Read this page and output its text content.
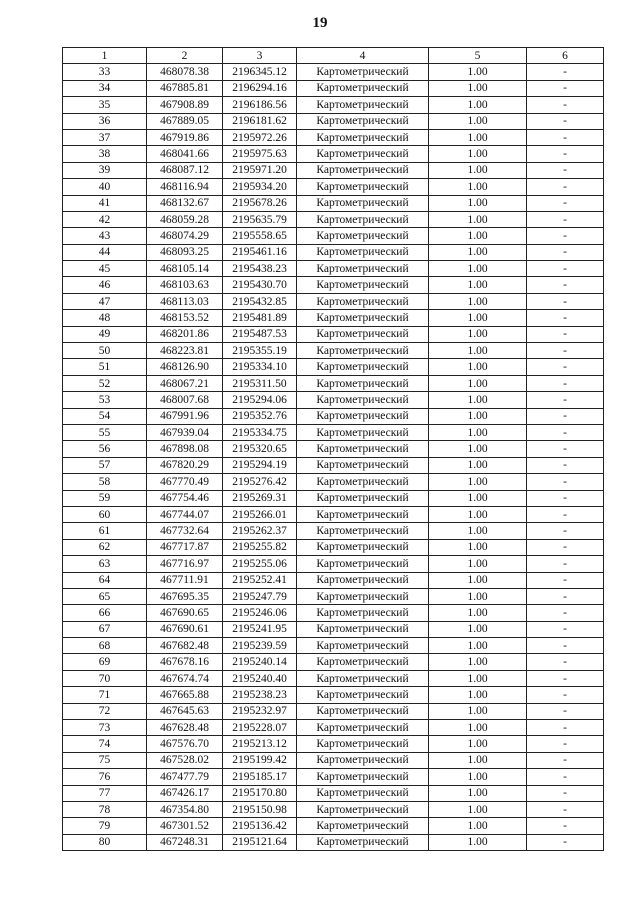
19
1	2	3	4	5	6
33	468078.38	2196345.12	Картометрический	1.00	-
34	467885.81	2196294.16	Картометрический	1.00	-
35	467908.89	2196186.56	Картометрический	1.00	-
36	467889.05	2196181.62	Картометрический	1.00	-
37	467919.86	2195972.26	Картометрический	1.00	-
38	468041.66	2195975.63	Картометрический	1.00	-
39	468087.12	2195971.20	Картометрический	1.00	-
40	468116.94	2195934.20	Картометрический	1.00	-
41	468132.67	2195678.26	Картометрический	1.00	-
42	468059.28	2195635.79	Картометрический	1.00	-
43	468074.29	2195558.65	Картометрический	1.00	-
44	468093.25	2195461.16	Картометрический	1.00	-
45	468105.14	2195438.23	Картометрический	1.00	-
46	468103.63	2195430.70	Картометрический	1.00	-
47	468113.03	2195432.85	Картометрический	1.00	-
48	468153.52	2195481.89	Картометрический	1.00	-
49	468201.86	2195487.53	Картометрический	1.00	-
50	468223.81	2195355.19	Картометрический	1.00	-
51	468126.90	2195334.10	Картометрический	1.00	-
52	468067.21	2195311.50	Картометрический	1.00	-
53	468007.68	2195294.06	Картометрический	1.00	-
54	467991.96	2195352.76	Картометрический	1.00	-
55	467939.04	2195334.75	Картометрический	1.00	-
56	467898.08	2195320.65	Картометрический	1.00	-
57	467820.29	2195294.19	Картометрический	1.00	-
58	467770.49	2195276.42	Картометрический	1.00	-
59	467754.46	2195269.31	Картометрический	1.00	-
60	467744.07	2195266.01	Картометрический	1.00	-
61	467732.64	2195262.37	Картометрический	1.00	-
62	467717.87	2195255.82	Картометрический	1.00	-
63	467716.97	2195255.06	Картометрический	1.00	-
64	467711.91	2195252.41	Картометрический	1.00	-
65	467695.35	2195247.79	Картометрический	1.00	-
66	467690.65	2195246.06	Картометрический	1.00	-
67	467690.61	2195241.95	Картометрический	1.00	-
68	467682.48	2195239.59	Картометрический	1.00	-
69	467678.16	2195240.14	Картометрический	1.00	-
70	467674.74	2195240.40	Картометрический	1.00	-
71	467665.88	2195238.23	Картометрический	1.00	-
72	467645.63	2195232.97	Картометрический	1.00	-
73	467628.48	2195228.07	Картометрический	1.00	-
74	467576.70	2195213.12	Картометрический	1.00	-
75	467528.02	2195199.42	Картометрический	1.00	-
76	467477.79	2195185.17	Картометрический	1.00	-
77	467426.17	2195170.80	Картометрический	1.00	-
78	467354.80	2195150.98	Картометрический	1.00	-
79	467301.52	2195136.42	Картометрический	1.00	-
80	467248.31	2195121.64	Картометрический	1.00	-
